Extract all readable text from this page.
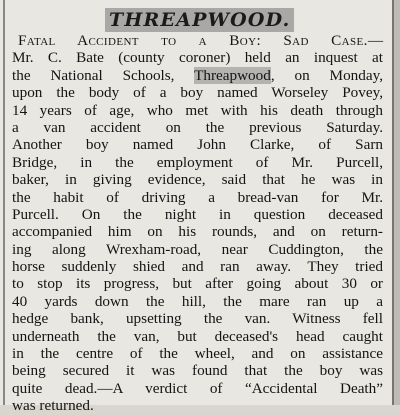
THREAPWOOD.
Fatal Accident to a Boy: Sad Case.—
Mr. C. Bate (county coroner) held an inquest at
the National Schools, Threapwood, on Monday,
upon the body of a boy named Worseley Povey,
14 years of age, who met with his death through
a van accident on the previous Saturday.
Another boy named John Clarke, of Sarn
Bridge, in the employment of Mr. Purcell,
baker, in giving evidence, said that he was in
the habit of driving a bread-van for Mr.
Purcell. On the night in question deceased
accompanied him on his rounds, and on return-
ing along Wrexham-road, near Cuddington, the
horse suddenly shied and ran away. They tried
to stop its progress, but after going about 30 or
40 yards down the hill, the mare ran up a
hedge bank, upsetting the van. Witness fell
underneath the van, but deceased's head caught
in the centre of the wheel, and on assistance
being secured it was found that the boy was
quite dead.—A verdict of “Accidental Death”
was returned.
